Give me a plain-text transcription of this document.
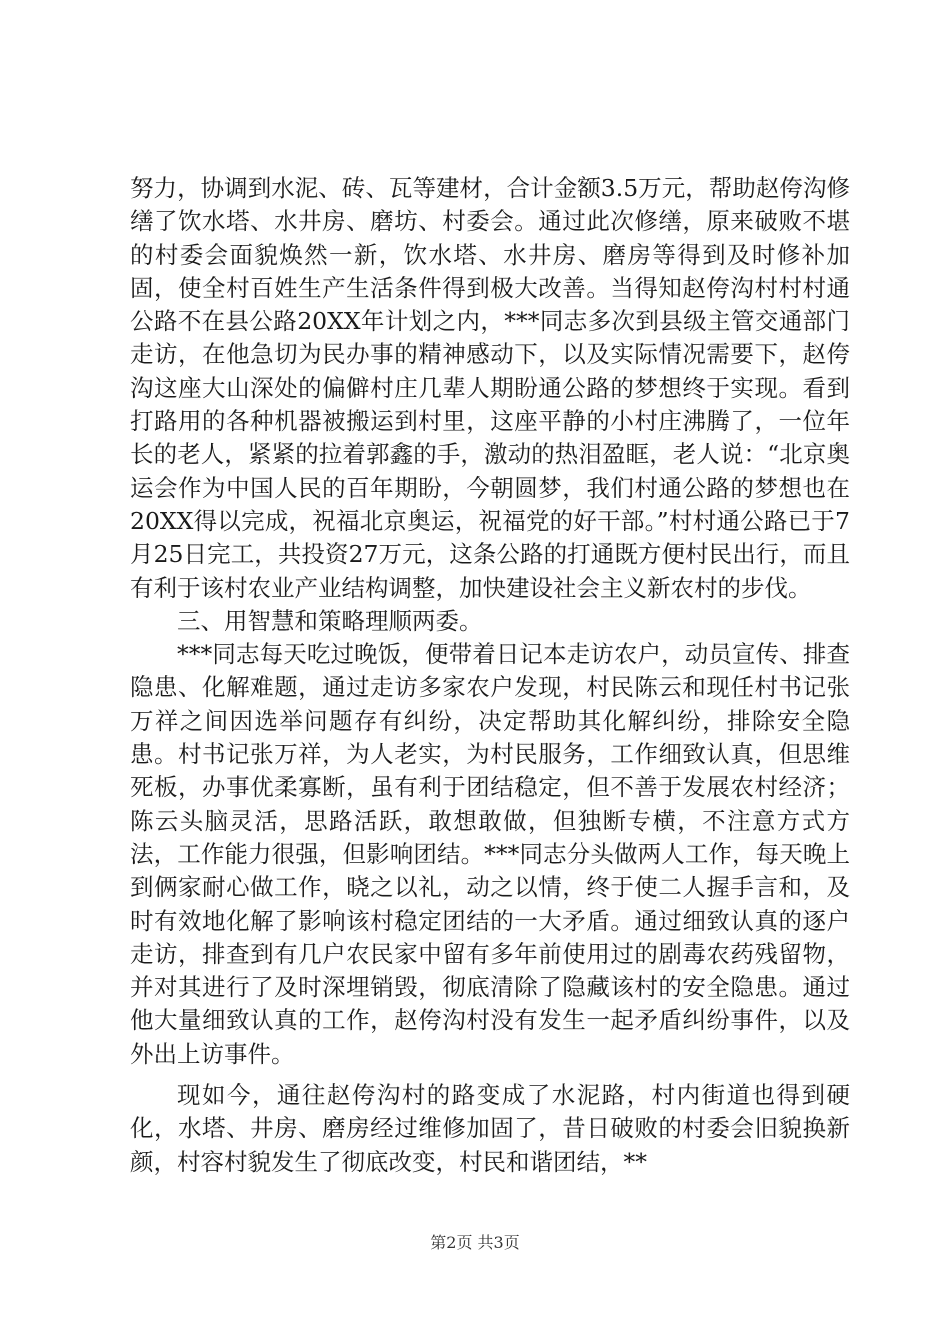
努力，协调到水泥、砖、瓦等建材，合计金额3.5万元，帮助赵侉沟修缮了饮水塔、水井房、磨坊、村委会。通过此次修缮，原来破败不堪的村委会面貌焕然一新，饮水塔、水井房、磨房等得到及时修补加固，使全村百姓生产生活条件得到极大改善。当得知赵侉沟村村村通公路不在县公路20XX年计划之内，***同志多次到县级主管交通部门走访，在他急切为民办事的精神感动下，以及实际情况需要下，赵侉沟这座大山深处的偏僻村庄几辈人期盼通公路的梦想终于实现。看到打路用的各种机器被搬运到村里，这座平静的小村庄沸腾了，一位年长的老人，紧紧的拉着郭鑫的手，激动的热泪盈眶，老人说：“北京奥运会作为中国人民的百年期盼，今朝圆梦，我们村通公路的梦想也在20XX得以完成，祝福北京奥运，祝福党的好干部。”村村通公路已于7月25日完工，共投资27万元，这条公路的打通既方便村民出行，而且有利于该村农业产业结构调整，加快建设社会主义新农村的步伐。

三、用智慧和策略理顺两委。

***同志每天吃过晚饭，便带着日记本走访农户，动员宣传、排查隐患、化解难题，通过走访多家农户发现，村民陈云和现任村书记张万祥之间因选举问题存有纠纷，决定帮助其化解纠纷，排除安全隐患。村书记张万祥，为人老实，为村民服务，工作细致认真，但思维死板，办事优柔寡断，虽有利于团结稳定，但不善于发展农村经济；陈云头脑灵活，思路活跃，敢想敢做，但独断专横，不注意方式方法，工作能力很强，但影响团结。***同志分头做两人工作，每天晚上到俩家耐心做工作，晓之以礼，动之以情，终于使二人握手言和，及时有效地化解了影响该村稳定团结的一大矛盾。通过细致认真的逐户走访，排查到有几户农民家中留有多年前使用过的剧毒农药残留物，并对其进行了及时深埋销毁，彻底清除了隐藏该村的安全隐患。通过他大量细致认真的工作，赵侉沟村没有发生一起矛盾纠纷事件，以及外出上访事件。

现如今，通往赵侉沟村的路变成了水泥路，村内街道也得到硬化，水塔、井房、磨房经过维修加固了，昔日破败的村委会旧貌换新颜，村容村貌发生了彻底改变，村民和谐团结，**

第2页 共3页
